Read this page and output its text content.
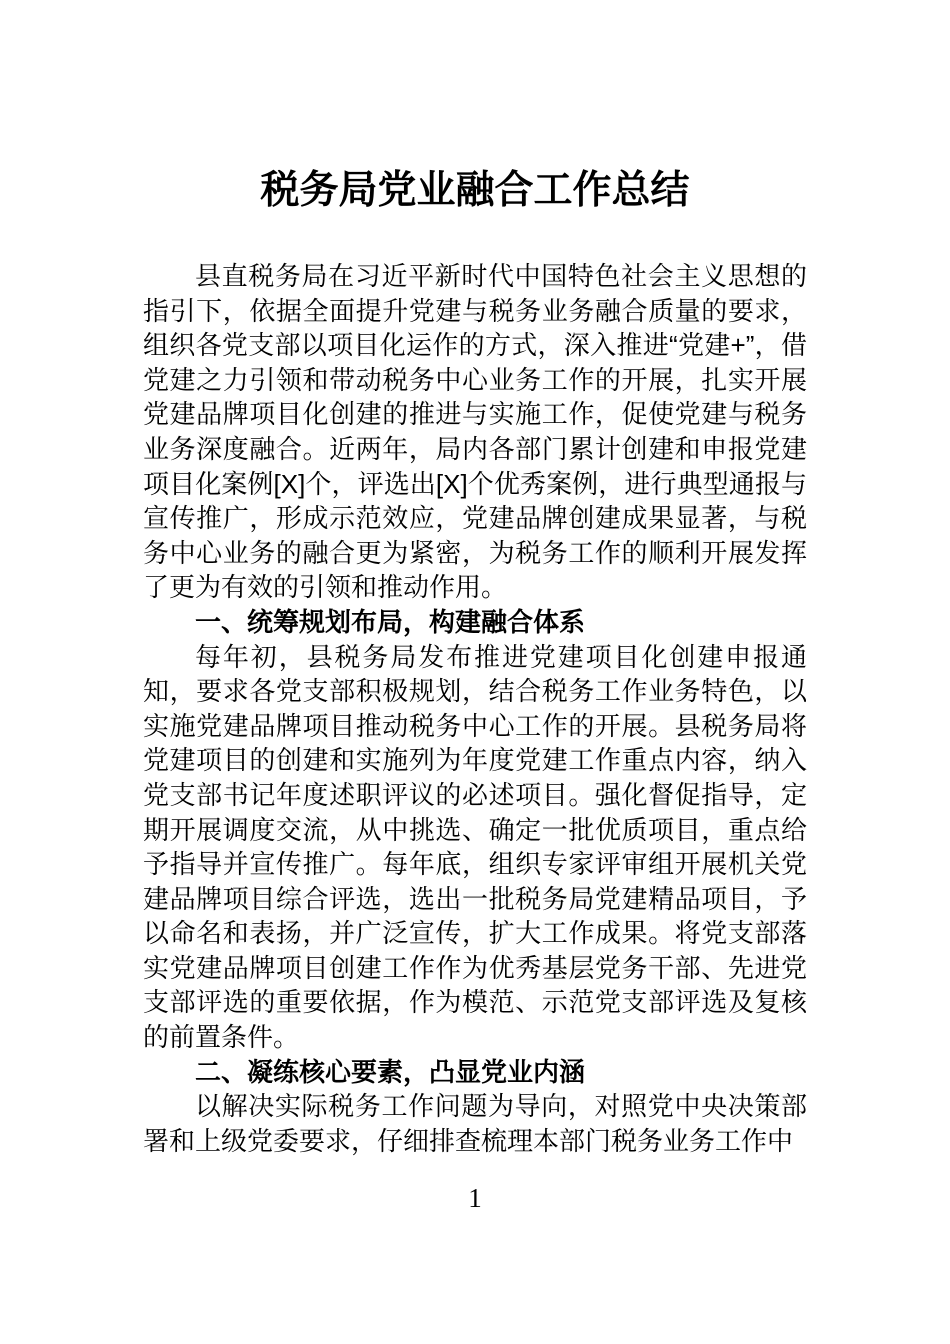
税务局党业融合工作总结

县直税务局在习近平新时代中国特色社会主义思想的指引下，依据全面提升党建与税务业务融合质量的要求，组织各党支部以项目化运作的方式，深入推进“党建+”，借党建之力引领和带动税务中心业务工作的开展，扎实开展党建品牌项目化创建的推进与实施工作，促使党建与税务业务深度融合。近两年，局内各部门累计创建和申报党建项目化案例[X]个，评选出[X]个优秀案例，进行典型通报与宣传推广，形成示范效应，党建品牌创建成果显著，与税务中心业务的融合更为紧密，为税务工作的顺利开展发挥了更为有效的引领和推动作用。

一、统筹规划布局，构建融合体系

每年初，县税务局发布推进党建项目化创建申报通知，要求各党支部积极规划，结合税务工作业务特色，以实施党建品牌项目推动税务中心工作的开展。县税务局将党建项目的创建和实施列为年度党建工作重点内容，纳入党支部书记年度述职评议的必述项目。强化督促指导，定期开展调度交流，从中挑选、确定一批优质项目，重点给予指导并宣传推广。每年底，组织专家评审组开展机关党建品牌项目综合评选，选出一批税务局党建精品项目，予以命名和表扬，并广泛宣传，扩大工作成果。将党支部落实党建品牌项目创建工作作为优秀基层党务干部、先进党支部评选的重要依据，作为模范、示范党支部评选及复核的前置条件。

二、凝练核心要素，凸显党业内涵

以解决实际税务工作问题为导向，对照党中央决策部署和上级党委要求，仔细排查梳理本部门税务业务工作中

1
